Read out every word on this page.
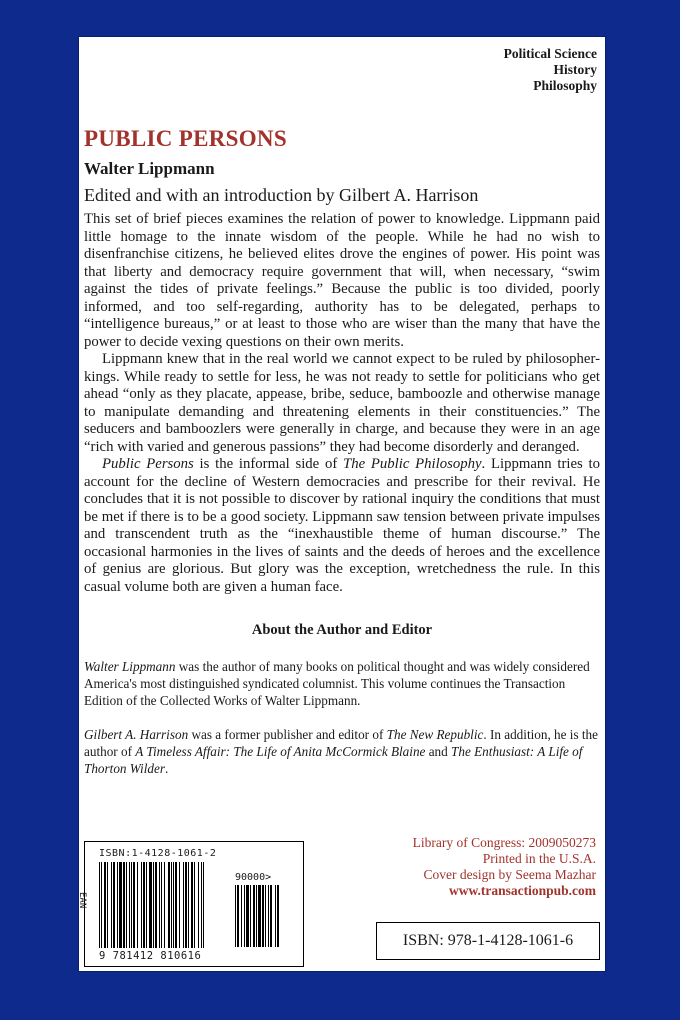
Political Science
History
Philosophy
PUBLIC PERSONS
Walter Lippmann
Edited and with an introduction by Gilbert A. Harrison

This set of brief pieces examines the relation of power to knowledge. Lippmann paid little homage to the innate wisdom of the people. While he had no wish to disenfranchise citizens, he believed elites drove the engines of power. His point was that liberty and democracy require government that will, when necessary, “swim against the tides of private feelings.” Because the public is too divided, poorly informed, and too self-regarding, authority has to be delegated, perhaps to “intelligence bureaus,” or at least to those who are wiser than the many that have the power to decide vexing questions on their own merits.

Lippmann knew that in the real world we cannot expect to be ruled by philosopher-kings. While ready to settle for less, he was not ready to settle for politicians who get ahead “only as they placate, appease, bribe, seduce, bamboozle and otherwise manage to manipulate demanding and threatening elements in their constituencies.” The seducers and bamboozlers were generally in charge, and because they were in an age “rich with varied and generous passions” they had become disorderly and deranged.

Public Persons is the informal side of The Public Philosophy. Lippmann tries to account for the decline of Western democracies and prescribe for their revival. He concludes that it is not possible to discover by rational inquiry the conditions that must be met if there is to be a good society. Lippmann saw tension between private impulses and transcendent truth as the “inexhaustible theme of human discourse.” The occasional harmonies in the lives of saints and the deeds of heroes and the excellence of genius are glorious. But glory was the exception, wretchedness the rule. In this casual volume both are given a human face.

About the Author and Editor
Walter Lippmann was the author of many books on political thought and was widely considered America's most distinguished syndicated columnist. This volume continues the Transaction Edition of the Collected Works of Walter Lippmann.
Gilbert A. Harrison was a former publisher and editor of The New Republic. In addition, he is the author of A Timeless Affair: The Life of Anita McCormick Blaine and The Enthusiast: A Life of Thorton Wilder.
ISBN:1-4128-1061-2
EAN
90000>
9 781412 810616
Library of Congress: 2009050273
Printed in the U.S.A.
Cover design by Seema Mazhar
www.transactionpub.com
ISBN: 978-1-4128-1061-6
